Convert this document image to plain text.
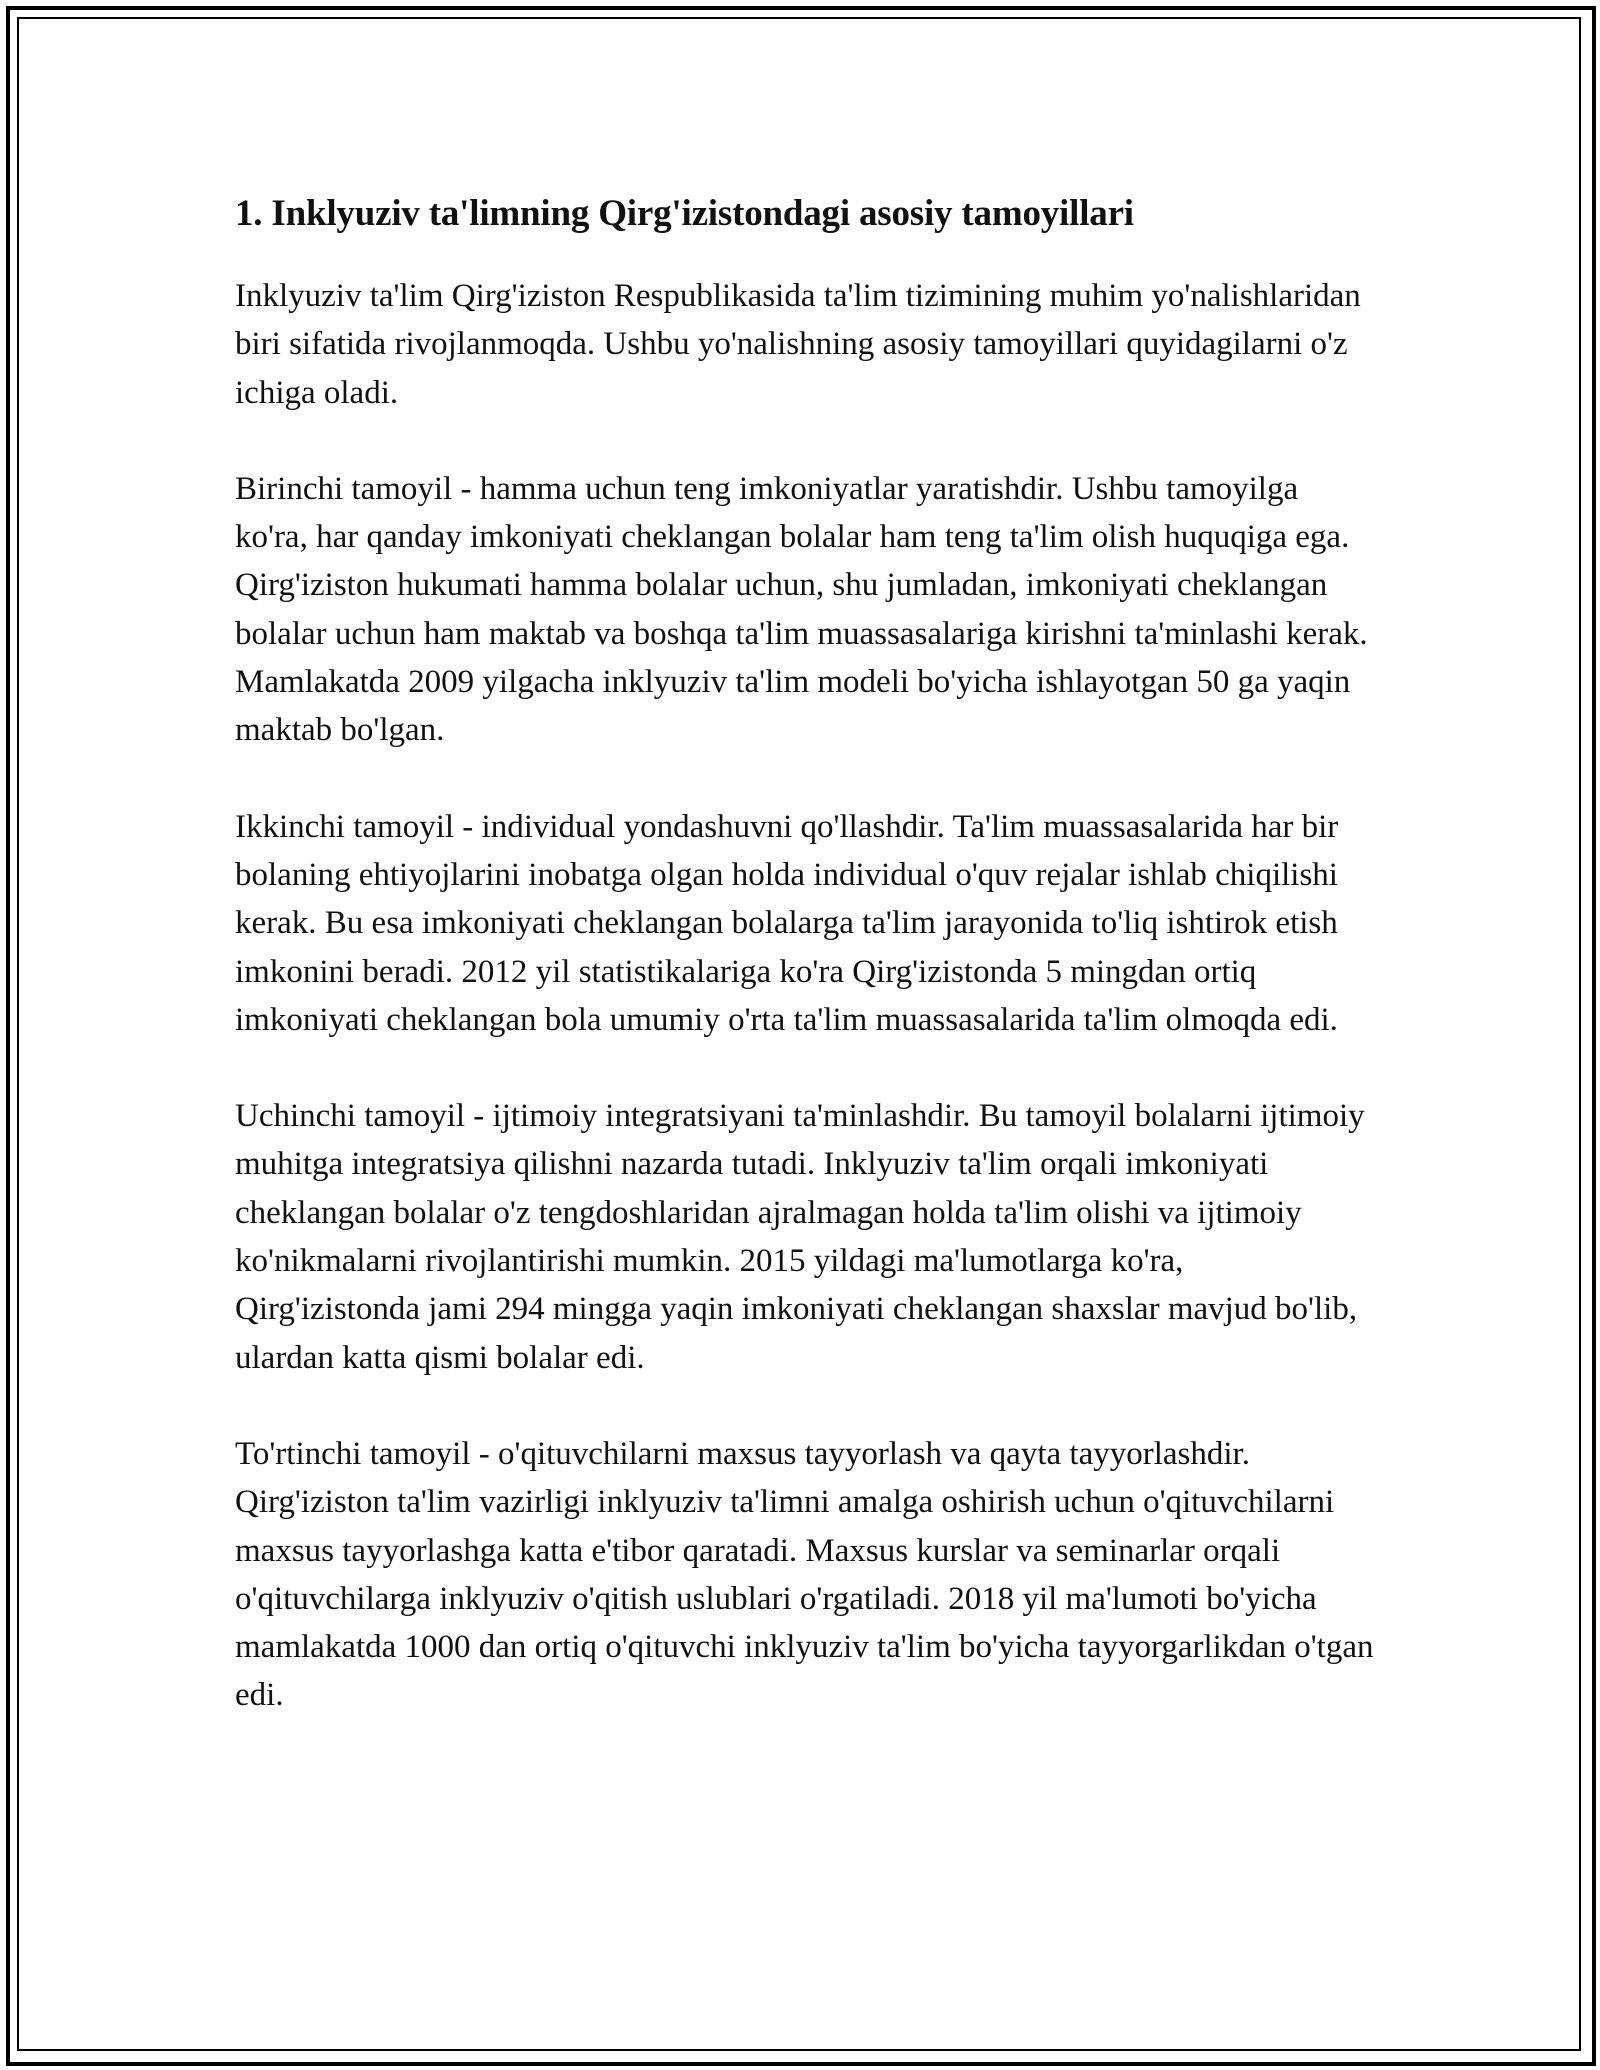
1. Inklyuziv ta'limning Qirg'izistondagi asosiy tamoyillari

Inklyuziv ta'lim Qirg'iziston Respublikasida ta'lim tizimining muhim yo'nalishlaridan biri sifatida rivojlanmoqda. Ushbu yo'nalishning asosiy tamoyillari quyidagilarni o'z ichiga oladi.

Birinchi tamoyil - hamma uchun teng imkoniyatlar yaratishdir. Ushbu tamoyilga ko'ra, har qanday imkoniyati cheklangan bolalar ham teng ta'lim olish huquqiga ega. Qirg'iziston hukumati hamma bolalar uchun, shu jumladan, imkoniyati cheklangan bolalar uchun ham maktab va boshqa ta'lim muassasalariga kirishni ta'minlashi kerak. Mamlakatda 2009 yilgacha inklyuziv ta'lim modeli bo'yicha ishlayotgan 50 ga yaqin maktab bo'lgan.

Ikkinchi tamoyil - individual yondashuvni qo'llashdir. Ta'lim muassasalarida har bir bolaning ehtiyojlarini inobatga olgan holda individual o'quv rejalar ishlab chiqilishi kerak. Bu esa imkoniyati cheklangan bolalarga ta'lim jarayonida to'liq ishtirok etish imkonini beradi. 2012 yil statistikalariga ko'ra Qirg'izistonda 5 mingdan ortiq imkoniyati cheklangan bola umumiy o'rta ta'lim muassasalarida ta'lim olmoqda edi.

Uchinchi tamoyil - ijtimoiy integratsiyani ta'minlashdir. Bu tamoyil bolalarni ijtimoiy muhitga integratsiya qilishni nazarda tutadi. Inklyuziv ta'lim orqali imkoniyati cheklangan bolalar o'z tengdoshlaridan ajralmagan holda ta'lim olishi va ijtimoiy ko'nikmalarni rivojlantirishi mumkin. 2015 yildagi ma'lumotlarga ko'ra, Qirg'izistonda jami 294 mingga yaqin imkoniyati cheklangan shaxslar mavjud bo'lib, ulardan katta qismi bolalar edi.

To'rtinchi tamoyil - o'qituvchilarni maxsus tayyorlash va qayta tayyorlashdir. Qirg'iziston ta'lim vazirligi inklyuziv ta'limni amalga oshirish uchun o'qituvchilarni maxsus tayyorlashga katta e'tibor qaratadi. Maxsus kurslar va seminarlar orqali o'qituvchilarga inklyuziv o'qitish uslublari o'rgatiladi. 2018 yil ma'lumoti bo'yicha mamlakatda 1000 dan ortiq o'qituvchi inklyuziv ta'lim bo'yicha tayyorgarlikdan o'tgan edi.
